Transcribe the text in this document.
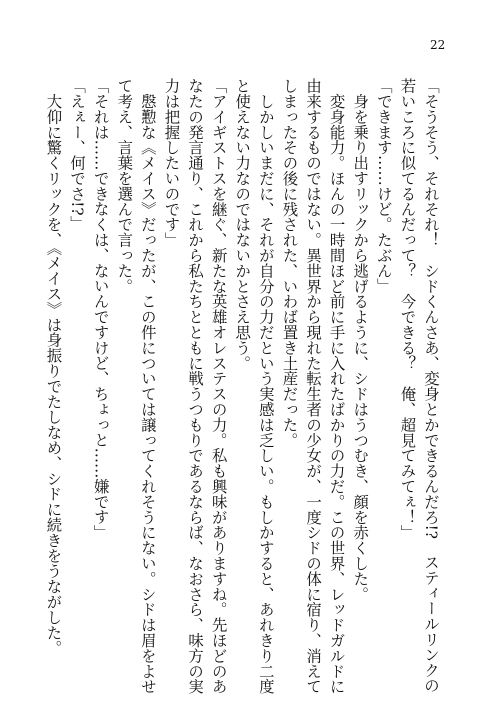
22
「そうそう、それそれ！　シドくんさあ、変身とかできるんだろ!?　スティールリンクの
若いころに似てるんだって？　今できる？　俺、超見てみてぇ！」
「できます……けど。たぶん」
　身を乗り出すリックから逃げるように、シドはうつむき、顔を赤くした。
　変身能力。ほんの一時間ほど前に手に入れたばかりの力だ。この世界、レッドガルドに
由来するものではない。異世界から現れた転生者の少女が、一度シドの体に宿り、消えて
しまったその後に残された、いわば置き土産だった。
　しかしいまだに、それが自分の力だという実感は乏しい。もしかすると、あれきり二度
と使えない力なのではないかとさえ思う。
「アイギストスを継ぐ、新たな英雄オレステスの力。私も興味がありますね。先ほどのあ
なたの発言通り、これから私たちとともに戦うつもりであるならば、なおさら、味方の実
力は把握したいのです」
　慇懃な《メイス》だったが、この件については譲ってくれそうにない。シドは眉をよせ
て考え、言葉を選んで言った。
「それは……できなくは、ないんですけど、ちょっと……嫌です」
「えぇー、何でさ!?」
　大仰に驚くリックを、《メイス》は身振りでたしなめ、シドに続きをうながした。
